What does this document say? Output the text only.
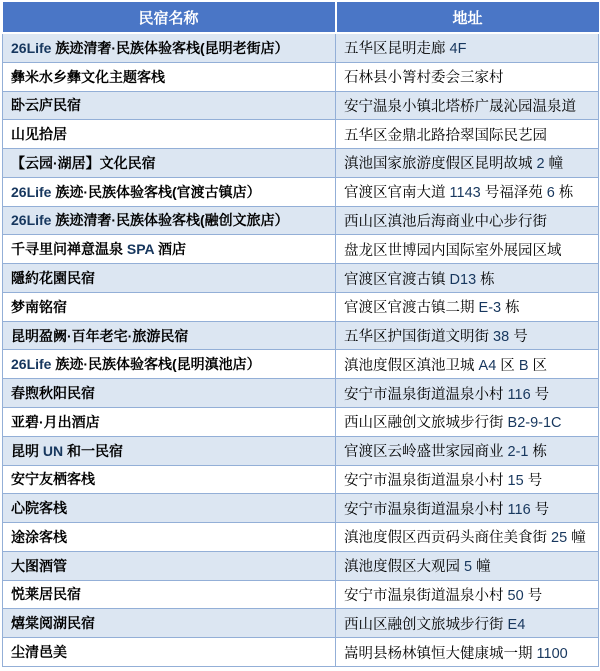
民宿名称	地址
26Life 族迹清奢·民族体验客栈(昆明老街店）	五华区昆明走廊 4F
彝米水乡彝文化主题客栈	石林县小箐村委会三家村
卧云庐民宿	安宁温泉小镇北塔桥广晟沁园温泉道
山见拾居	五华区金鼎北路拾翠国际民艺园
【云园·湖居】文化民宿	滇池国家旅游度假区昆明故城 2 幢
26Life 族迹·民族体验客栈(官渡古镇店）	官渡区官南大道 1143 号福泽苑 6 栋
26Life 族迹清奢·民族体验客栈(融创文旅店）	西山区滇池后海商业中心步行街
千寻里问禅意温泉 SPA 酒店	盘龙区世博园内国际室外展园区域
隱約花園民宿	官渡区官渡古镇 D13 栋
梦南铭宿	官渡区官渡古镇二期 E-3 栋
昆明盈阙·百年老宅·旅游民宿	五华区护国街道文明街 38 号
26Life 族迹·民族体验客栈(昆明滇池店）	滇池度假区滇池卫城 A4 区 B 区
春煦秋阳民宿	安宁市温泉街道温泉小村 116 号
亚碧·月出酒店	西山区融创文旅城步行街 B2-9-1C
昆明 UN 和一民宿	官渡区云岭盛世家园商业 2-1 栋
安宁友栖客栈	安宁市温泉街道温泉小村 15 号
心院客栈	安宁市温泉街道温泉小村 116 号
途涂客栈	滇池度假区西贡码头商住美食街 25 幢
大图酒管	滇池度假区大观园 5 幢
悦莱居民宿	安宁市温泉街道温泉小村 50 号
熺棠阅湖民宿	西山区融创文旅城步行街 E4
尘清邑美	嵩明县杨林镇恒大健康城一期 1100
